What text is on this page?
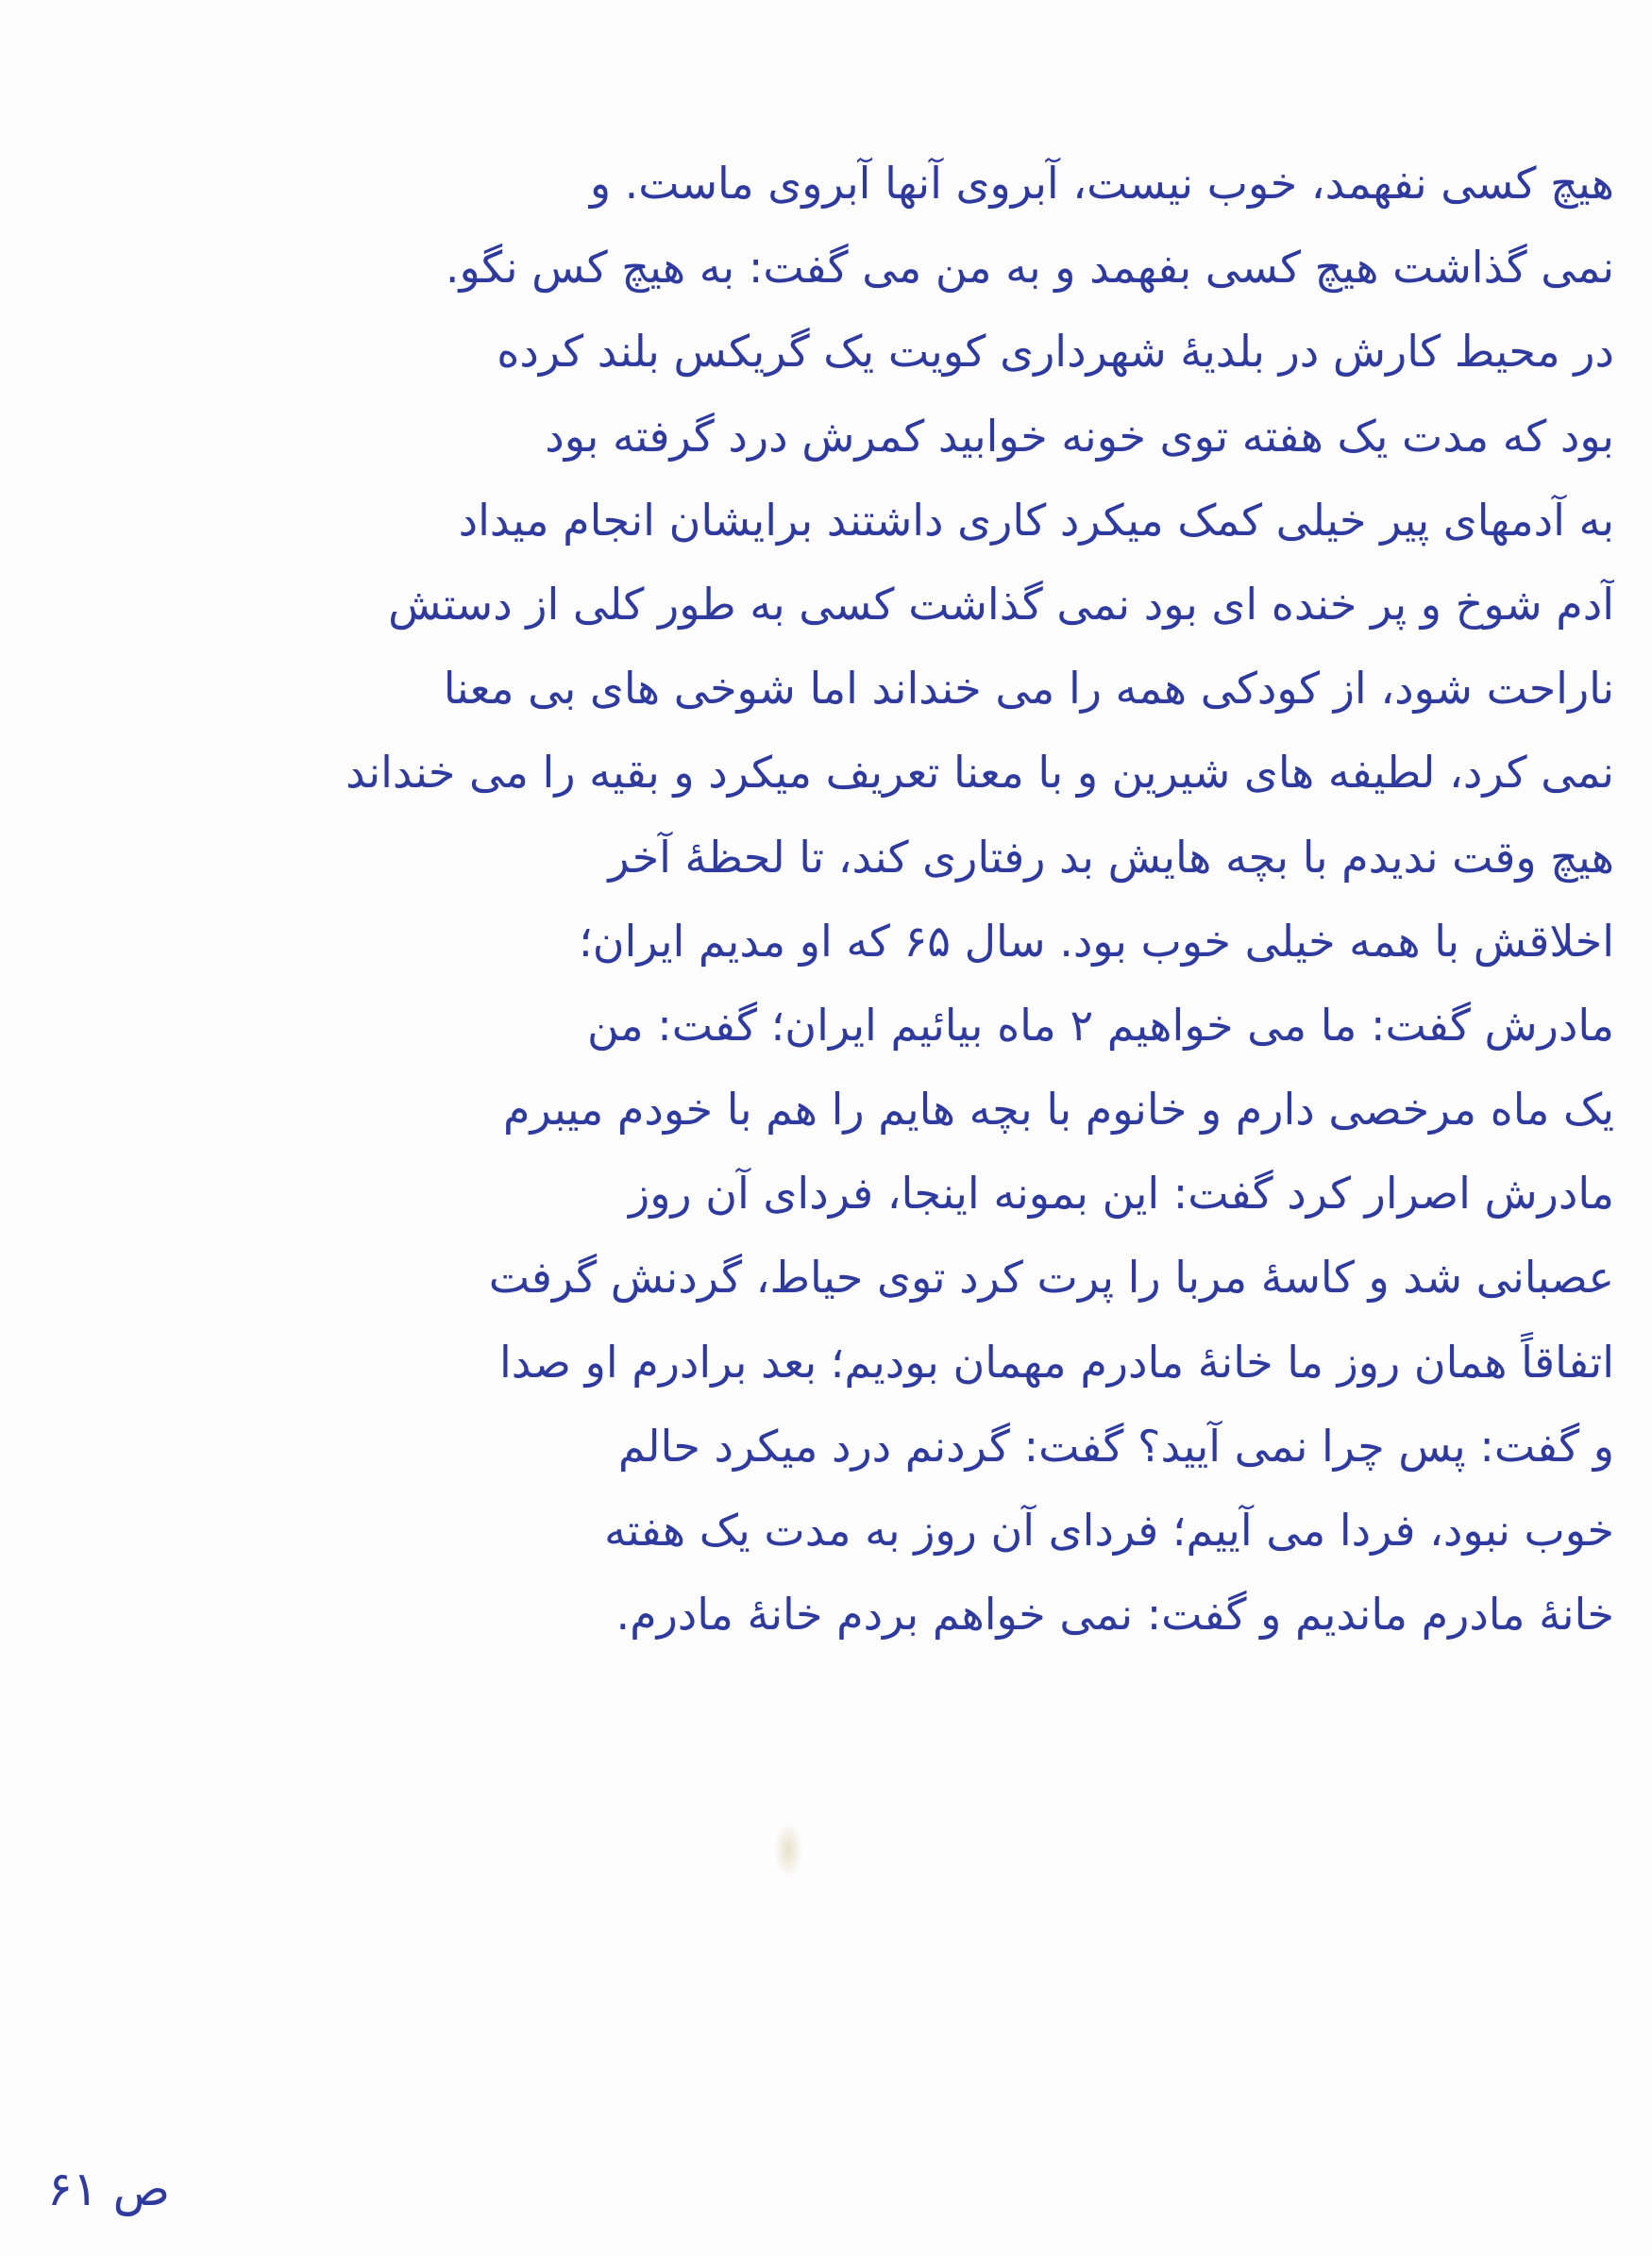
هیچ کسی نفهمد، خوب نیست، آبروی آنها آبروی ماست. و
نمی گذاشت هیچ کسی بفهمد و به من می گفت: به هیچ کس نگو.
در محیط کارش در بلدیهٔ شهرداری کویت یک گریکس بلند کرده
بود که مدت یک هفته توی خونه خوابید کمرش درد گرفته بود
به آدمهای پیر خیلی کمک میکرد کاری داشتند برایشان انجام میداد
آدم شوخ و پر خنده ای بود نمی گذاشت کسی به طور کلی از دستش
ناراحت شود، از کودکی همه را می خنداند اما شوخی های بی معنا
نمی کرد، لطیفه های شیرین و با معنا تعریف میکرد و بقیه را می خنداند
هیچ وقت ندیدم با بچه هایش بد رفتاری کند، تا لحظهٔ آخر
اخلاقش با همه خیلی خوب بود. سال ۶۵ که او مدیم ایران؛
مادرش گفت: ما می خواهیم ۲ ماه بیائیم ایران؛ گفت: من
یک ماه مرخصی دارم و خانوم با بچه هایم را هم با خودم میبرم
مادرش اصرار کرد گفت: این بمونه اینجا، فردای آن روز
عصبانی شد و کاسهٔ مربا را پرت کرد توی حیاط، گردنش گرفت
اتفاقاً همان روز ما خانهٔ مادرم مهمان بودیم؛ بعد برادرم او صدا
و گفت: پس چرا نمی آیید؟ گفت: گردنم درد میکرد حالم
خوب نبود، فردا می آییم؛ فردای آن روز به مدت یک هفته
خانهٔ مادرم ماندیم و گفت: نمی خواهم بردم خانهٔ مادرم.
ص ۶۱
